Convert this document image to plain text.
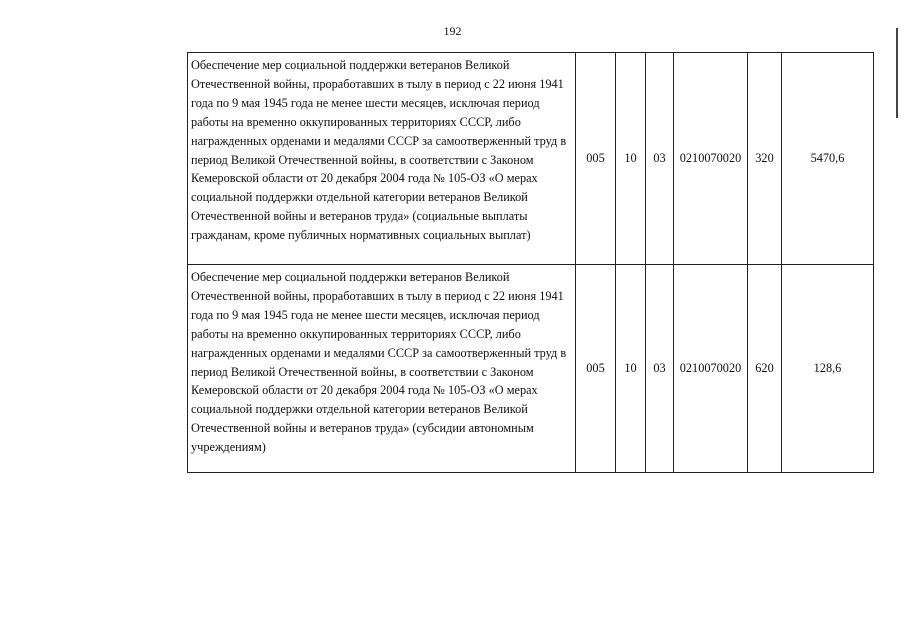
192
Обеспечение мер социальной поддержки ветеранов Великой Отечественной войны, проработавших в тылу в период с 22 июня 1941 года по 9 мая 1945 года не менее шести месяцев, исключая период работы на временно оккупированных территориях СССР, либо награжденных орденами и медалями СССР за самоотверженный труд в период Великой Отечественной войны, в соответствии с Законом Кемеровской области от 20 декабря 2004 года № 105-ОЗ «О мерах социальной поддержки отдельной категории ветеранов Великой Отечественной войны и ветеранов труда» (социальные выплаты гражданам, кроме публичных нормативных социальных выплат)	005	10	03	0210070020	320	5470,6
Обеспечение мер социальной поддержки ветеранов Великой Отечественной войны, проработавших в тылу в период с 22 июня 1941 года по 9 мая 1945 года не менее шести месяцев, исключая период работы на временно оккупированных территориях СССР, либо награжденных орденами и медалями СССР за самоотверженный труд в период Великой Отечественной войны, в соответствии с Законом Кемеровской области от 20 декабря 2004 года № 105-ОЗ «О мерах социальной поддержки отдельной категории ветеранов Великой Отечественной войны и ветеранов труда» (субсидии автономным учреждениям)	005	10	03	0210070020	620	128,6
